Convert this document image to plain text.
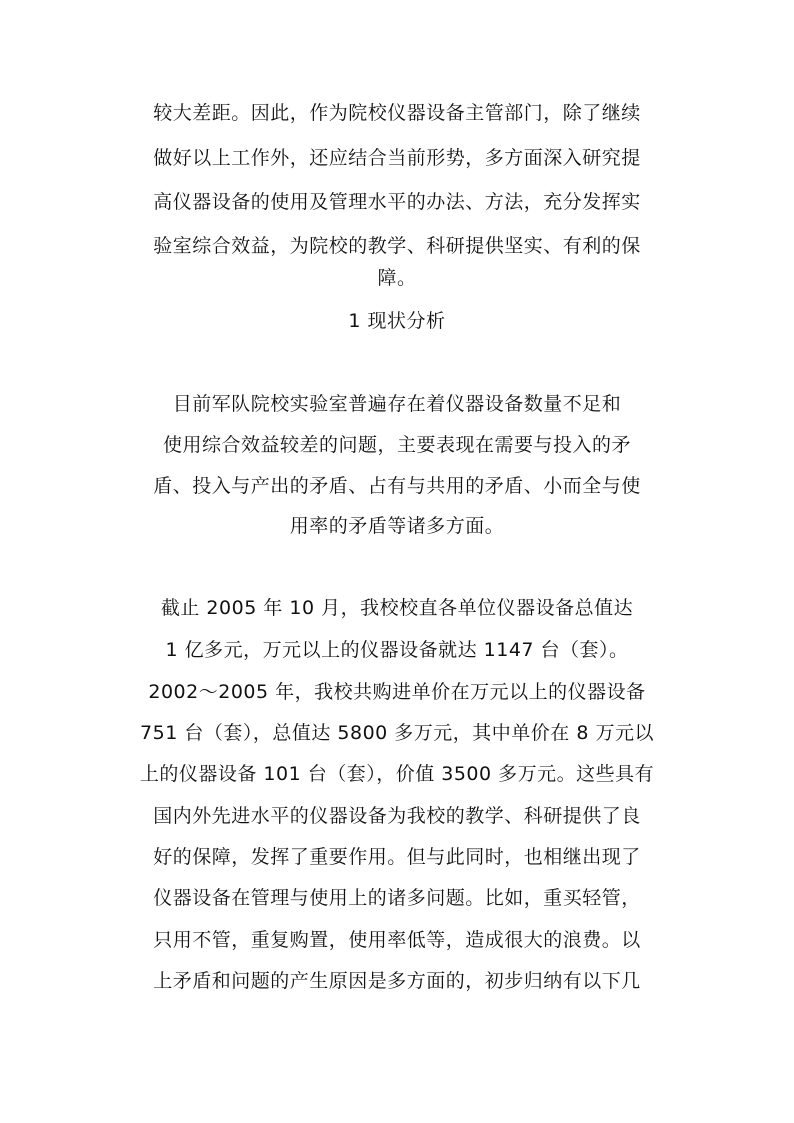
较大差距。因此，作为院校仪器设备主管部门，除了继续
做好以上工作外，还应结合当前形势，多方面深入研究提
高仪器设备的使用及管理水平的办法、方法，充分发挥实
验室综合效益，为院校的教学、科研提供坚实、有利的保
障。
1 现状分析
目前军队院校实验室普遍存在着仪器设备数量不足和
使用综合效益较差的问题，主要表现在需要与投入的矛
盾、投入与产出的矛盾、占有与共用的矛盾、小而全与使
用率的矛盾等诸多方面。
截止 2005 年 10 月，我校校直各单位仪器设备总值达
1 亿多元，万元以上的仪器设备就达 1147 台（套）。
2002～2005 年，我校共购进单价在万元以上的仪器设备
751 台（套），总值达 5800 多万元，其中单价在 8 万元以
上的仪器设备 101 台（套），价值 3500 多万元。这些具有
国内外先进水平的仪器设备为我校的教学、科研提供了良
好的保障，发挥了重要作用。但与此同时，也相继出现了
仪器设备在管理与使用上的诸多问题。比如，重买轻管，
只用不管，重复购置，使用率低等，造成很大的浪费。以
上矛盾和问题的产生原因是多方面的，初步归纳有以下几
